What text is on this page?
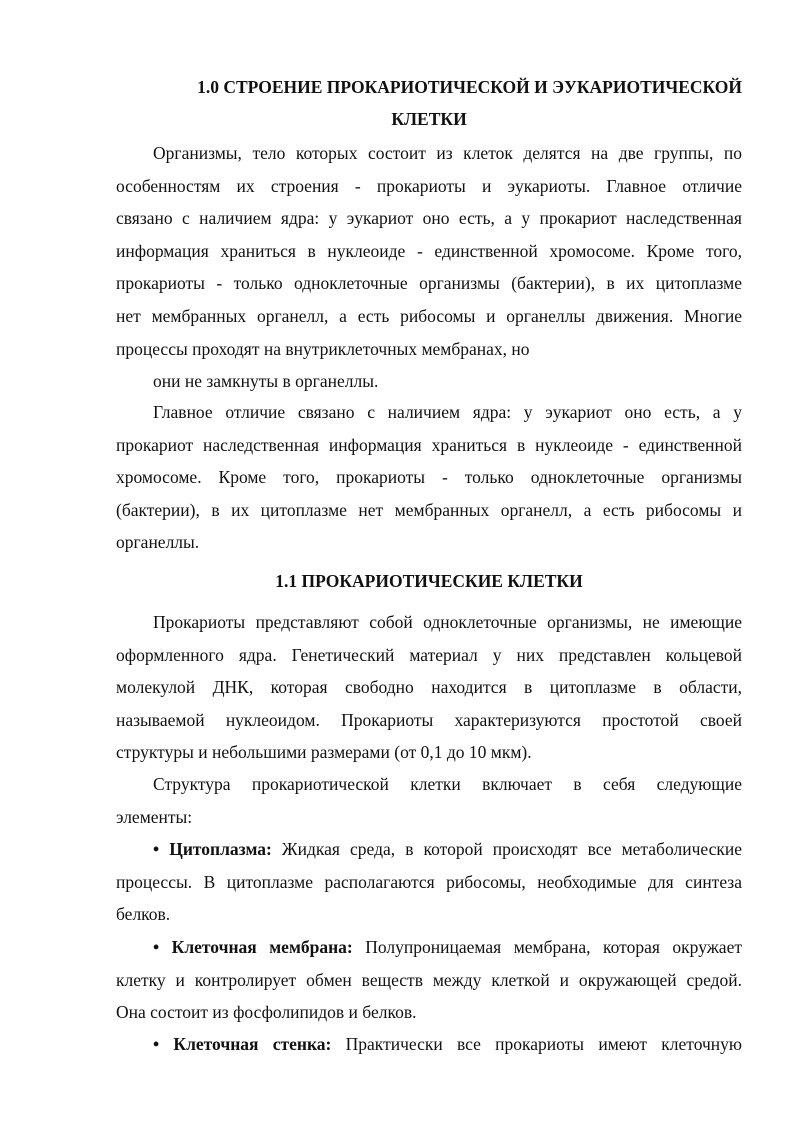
1.0 СТРОЕНИЕ ПРОКАРИОТИЧЕСКОЙ И ЭУКАРИОТИЧЕСКОЙ
КЛЕТКИ

Организмы, тело которых состоит из клеток делятся на две группы, по
особенностям их строения - прокариоты и эукариоты. Главное отличие
связано с наличием ядра: у эукариот оно есть, а у прокариот наследственная
информация храниться в нуклеоиде - единственной хромосоме. Кроме того,
прокариоты - только одноклеточные организмы (бактерии), в их цитоплазме
нет мембранных органелл, а есть рибосомы и органеллы движения. Многие
процессы проходят на внутриклеточных мембранах, но

они не замкнуты в органеллы.

Главное отличие связано с наличием ядра: у эукариот оно есть, а у
прокариот наследственная информация храниться в нуклеоиде - единственной
хромосоме. Кроме того, прокариоты - только одноклеточные организмы
(бактерии), в их цитоплазме нет мембранных органелл, а есть рибосомы и
органеллы.

1.1 ПРОКАРИОТИЧЕСКИЕ КЛЕТКИ

Прокариоты представляют собой одноклеточные организмы, не имеющие
оформленного ядра. Генетический материал у них представлен кольцевой
молекулой ДНК, которая свободно находится в цитоплазме в области,
называемой нуклеоидом. Прокариоты характеризуются простотой своей
структуры и небольшими размерами (от 0,1 до 10 мкм).

Структура прокариотической клетки включает в себя следующие
элементы:

• Цитоплазма: Жидкая среда, в которой происходят все метаболические
процессы. В цитоплазме располагаются рибосомы, необходимые для синтеза
белков.

• Клеточная мембрана: Полупроницаемая мембрана, которая окружает
клетку и контролирует обмен веществ между клеткой и окружающей средой.
Она состоит из фосфолипидов и белков.

• Клеточная стенка: Практически все прокариоты имеют клеточную
